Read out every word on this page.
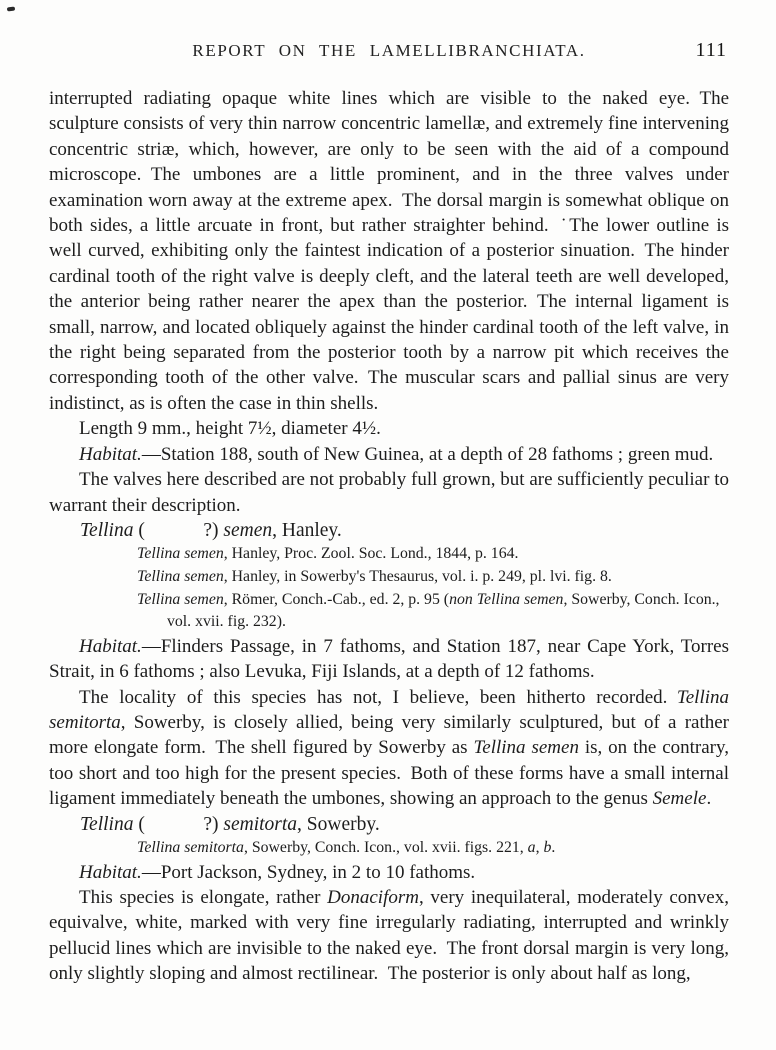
REPORT ON THE LAMELLIBRANCHIATA.	111

interrupted radiating opaque white lines which are visible to the naked eye. The sculpture consists of very thin narrow concentric lamellæ, and extremely fine intervening concentric striæ, which, however, are only to be seen with the aid of a compound microscope. The umbones are a little prominent, and in the three valves under examination worn away at the extreme apex. The dorsal margin is somewhat oblique on both sides, a little arcuate in front, but rather straighter behind. ˙The lower outline is well curved, exhibiting only the faintest indication of a posterior sinuation. The hinder cardinal tooth of the right valve is deeply cleft, and the lateral teeth are well developed, the anterior being rather nearer the apex than the posterior. The internal ligament is small, narrow, and located obliquely against the hinder cardinal tooth of the left valve, in the right being separated from the posterior tooth by a narrow pit which receives the corresponding tooth of the other valve. The muscular scars and pallial sinus are very indistinct, as is often the case in thin shells.

Length 9 mm., height 7½, diameter 4½.

Habitat.—Station 188, south of New Guinea, at a depth of 28 fathoms ; green mud.

The valves here described are not probably full grown, but are sufficiently peculiar to warrant their description.

Tellina (   ?) semen, Hanley.

Tellina semen, Hanley, Proc. Zool. Soc. Lond., 1844, p. 164.

Tellina semen, Hanley, in Sowerby's Thesaurus, vol. i. p. 249, pl. lvi. fig. 8.

Tellina semen, Römer, Conch.-Cab., ed. 2, p. 95 (non Tellina semen, Sowerby, Conch. Icon., vol. xvii. fig. 232).

Habitat.—Flinders Passage, in 7 fathoms, and Station 187, near Cape York, Torres Strait, in 6 fathoms ; also Levuka, Fiji Islands, at a depth of 12 fathoms.

The locality of this species has not, I believe, been hitherto recorded. Tellina semitorta, Sowerby, is closely allied, being very similarly sculptured, but of a rather more elongate form. The shell figured by Sowerby as Tellina semen is, on the contrary, too short and too high for the present species. Both of these forms have a small internal ligament immediately beneath the umbones, showing an approach to the genus Semele.

Tellina (   ?) semitorta, Sowerby.

Tellina semitorta, Sowerby, Conch. Icon., vol. xvii. figs. 221, a, b.

Habitat.—Port Jackson, Sydney, in 2 to 10 fathoms.

This species is elongate, rather Donaciform, very inequilateral, moderately convex, equivalve, white, marked with very fine irregularly radiating, interrupted and wrinkly pellucid lines which are invisible to the naked eye. The front dorsal margin is very long, only slightly sloping and almost rectilinear. The posterior is only about half as long,
